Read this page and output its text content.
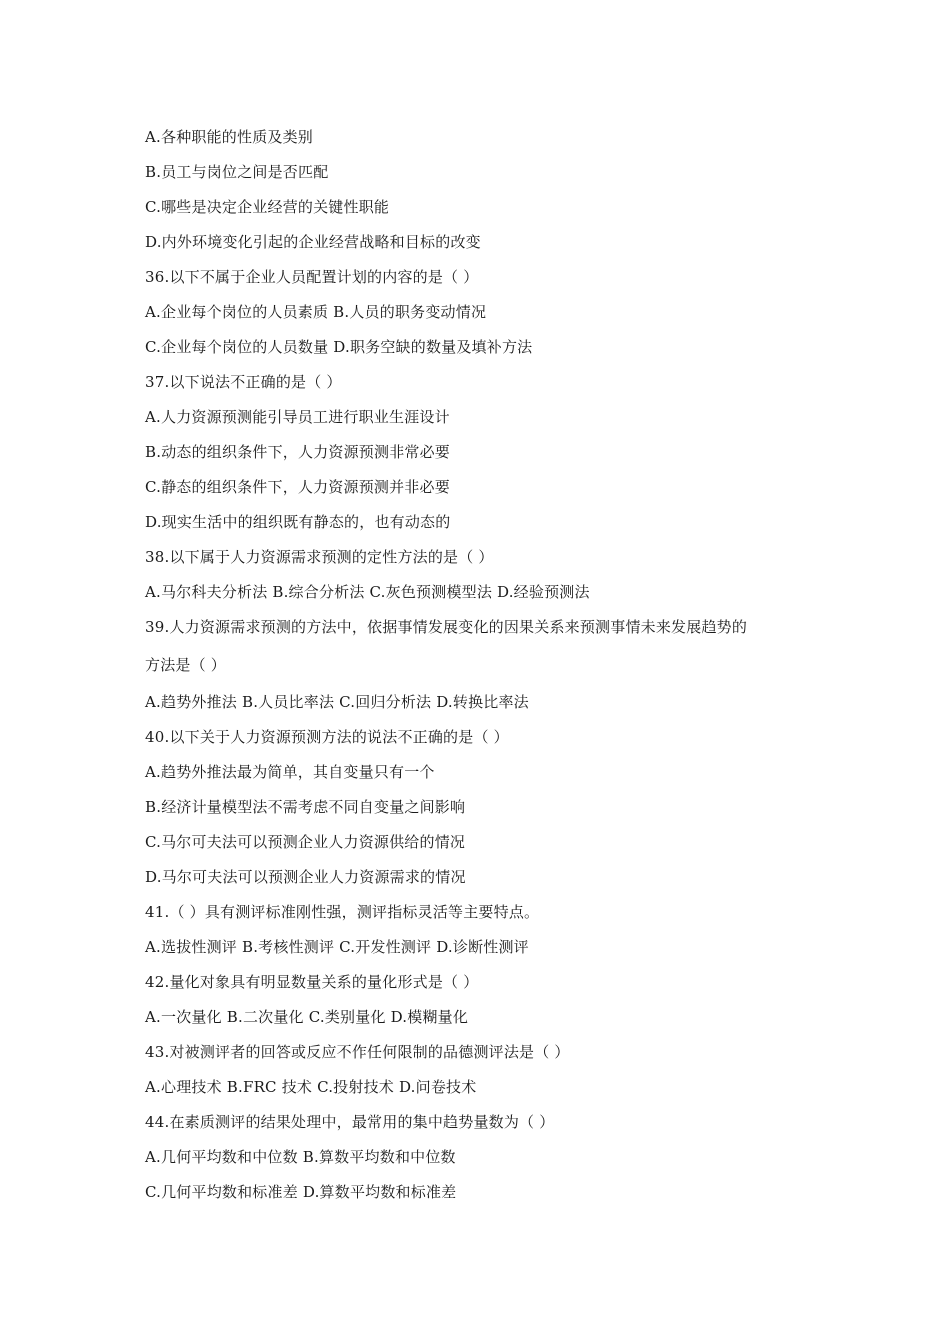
A.各种职能的性质及类别
B.员工与岗位之间是否匹配
C.哪些是决定企业经营的关键性职能
D.内外环境变化引起的企业经营战略和目标的改变
36.以下不属于企业人员配置计划的内容的是（ ）
A.企业每个岗位的人员素质 B.人员的职务变动情况
C.企业每个岗位的人员数量 D.职务空缺的数量及填补方法
37.以下说法不正确的是（ ）
A.人力资源预测能引导员工进行职业生涯设计
B.动态的组织条件下，人力资源预测非常必要
C.静态的组织条件下，人力资源预测并非必要
D.现实生活中的组织既有静态的，也有动态的
38.以下属于人力资源需求预测的定性方法的是（ ）
A.马尔科夫分析法 B.综合分析法 C.灰色预测模型法 D.经验预测法
39.人力资源需求预测的方法中，依据事情发展变化的因果关系来预测事情未来发展趋势的
方法是（ ）
A.趋势外推法 B.人员比率法 C.回归分析法 D.转换比率法
40.以下关于人力资源预测方法的说法不正确的是（ ）
A.趋势外推法最为简单，其自变量只有一个
B.经济计量模型法不需考虑不同自变量之间影响
C.马尔可夫法可以预测企业人力资源供给的情况
D.马尔可夫法可以预测企业人力资源需求的情况
41.（ ）具有测评标准刚性强，测评指标灵活等主要特点。
A.选拔性测评 B.考核性测评 C.开发性测评 D.诊断性测评
42.量化对象具有明显数量关系的量化形式是（ ）
A.一次量化 B.二次量化 C.类别量化 D.模糊量化
43.对被测评者的回答或反应不作任何限制的品德测评法是（ ）
A.心理技术 B.FRC 技术 C.投射技术 D.问卷技术
44.在素质测评的结果处理中，最常用的集中趋势量数为（ ）
A.几何平均数和中位数 B.算数平均数和中位数
C.几何平均数和标准差 D.算数平均数和标准差
